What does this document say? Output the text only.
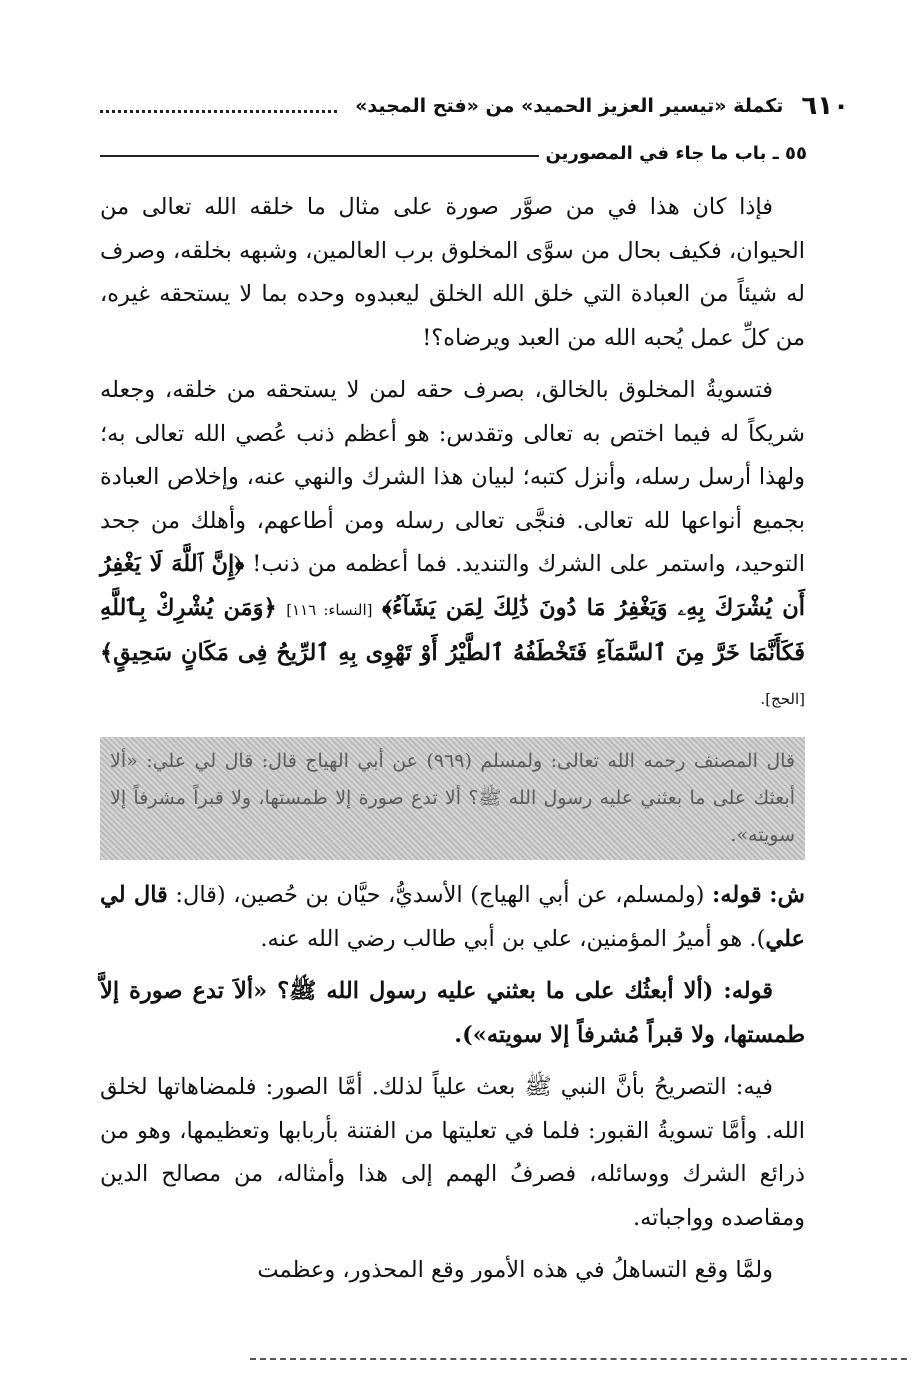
٦١٠
تكملة «تيسير العزيز الحميد» من «فتح المجيد»
٥٥ ـ باب ما جاء في المصورين

فإذا كان هذا في من صوَّر صورة على مثال ما خلقه الله تعالى من الحيوان، فكيف بحال من سوَّى المخلوق برب العالمين، وشبهه بخلقه، وصرف له شيئاً من العبادة التي خلق الله الخلق ليعبدوه وحده بما لا يستحقه غيره، من كلِّ عمل يُحبه الله من العبد ويرضاه؟!

فتسويةُ المخلوق بالخالق، بصرف حقه لمن لا يستحقه من خلقه، وجعله شريكاً له فيما اختص به تعالى وتقدس: هو أعظم ذنب عُصي الله تعالى به؛ ولهذا أرسل رسله، وأنزل كتبه؛ لبيان هذا الشرك والنهي عنه، وإخلاص العبادة بجميع أنواعها لله تعالى. فنجَّى تعالى رسله ومن أطاعهم، وأهلك من جحد التوحيد، واستمر على الشرك والتنديد. فما أعظمه من ذنب! ﴿إِنَّ ٱللَّهَ لَا يَغْفِرُ أَن يُشْرَكَ بِهِۦ وَيَغْفِرُ مَا دُونَ ذَٰلِكَ لِمَن يَشَآءُ﴾ [النساء: ١١٦] ﴿وَمَن يُشْرِكْ بِٱللَّهِ فَكَأَنَّمَا خَرَّ مِنَ ٱلسَّمَآءِ فَتَخْطَفُهُ ٱلطَّيْرُ أَوْ تَهْوِى بِهِ ٱلرِّيحُ فِى مَكَانٍ سَحِيقٍ﴾ [الحج].

قال المصنف رحمه الله تعالى: ولمسلم (٩٦٩) عن أبي الهياج قال: قال لي علي: «ألا أبعثك على ما بعثني عليه رسول الله ﷺ؟ ألا تدع صورة إلا طمستها، ولا قبراً مشرفاً إلا سويته».

ش: قوله: (ولمسلم، عن أبي الهياج) الأسديُّ، حيَّان بن حُصين، (قال: قال لي علي). هو أميرُ المؤمنين، علي بن أبي طالب رضي الله عنه.

قوله: (ألا أبعثُك على ما بعثني عليه رسول الله ﷺ؟ «ألاَ تدع صورة إلاَّ طمستها، ولا قبراً مُشرفاً إلا سويته»).

فيه: التصريحُ بأنَّ النبي ﷺ بعث علياً لذلك. أمَّا الصور: فلمضاهاتها لخلق الله. وأمَّا تسويةُ القبور: فلما في تعليتها من الفتنة بأربابها وتعظيمها، وهو من ذرائع الشرك ووسائله، فصرفُ الهمم إلى هذا وأمثاله، من مصالح الدين ومقاصده وواجباته.

ولمَّا وقع التساهلُ في هذه الأمور وقع المحذور، وعظمت
